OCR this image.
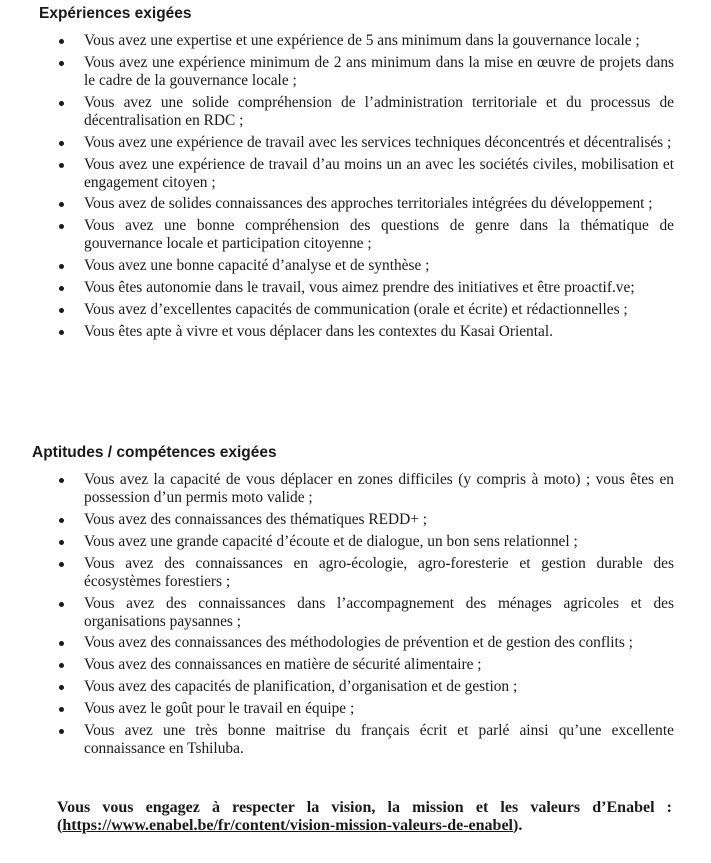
Expériences exigées
Vous avez une expertise et une expérience de 5 ans minimum dans la gouvernance locale ;
Vous avez une expérience minimum de 2 ans minimum dans la mise en œuvre de projets dans le cadre de la gouvernance locale ;
Vous avez une solide compréhension de l’administration territoriale et du processus de décentralisation en RDC ;
Vous avez une expérience de travail avec les services techniques déconcentrés et décentralisés ;
Vous avez une expérience de travail d’au moins un an avec les sociétés civiles, mobilisation et engagement citoyen ;
Vous avez de solides connaissances des approches territoriales intégrées du développement ;
Vous avez une bonne compréhension des questions de genre dans la thématique de gouvernance locale et participation citoyenne ;
Vous avez une bonne capacité d’analyse et de synthèse ;
Vous êtes autonomie dans le travail, vous aimez prendre des initiatives et être proactif.ve;
Vous avez d’excellentes capacités de communication (orale et écrite) et rédactionnelles ;
Vous êtes apte à vivre et vous déplacer dans les contextes du Kasai Oriental.
Aptitudes / compétences exigées
Vous avez la capacité de vous déplacer en zones difficiles (y compris à moto) ; vous êtes en possession d’un permis moto valide ;
Vous avez des connaissances des thématiques REDD+ ;
Vous avez une grande capacité d’écoute et de dialogue, un bon sens relationnel ;
Vous avez des connaissances en agro-écologie, agro-foresterie et gestion durable des écosystèmes forestiers ;
Vous avez des connaissances dans l’accompagnement des ménages agricoles et des organisations paysannes ;
Vous avez des connaissances des méthodologies de prévention et de gestion des conflits ;
Vous avez des connaissances en matière de sécurité alimentaire ;
Vous avez des capacités de planification, d’organisation et de gestion ;
Vous avez le goût pour le travail en équipe ;
Vous avez une très bonne maitrise du français écrit et parlé ainsi qu’une excellente connaissance en Tshiluba.

Vous vous engagez à respecter la vision, la mission et les valeurs d’Enabel : (https://www.enabel.be/fr/content/vision-mission-valeurs-de-enabel).
